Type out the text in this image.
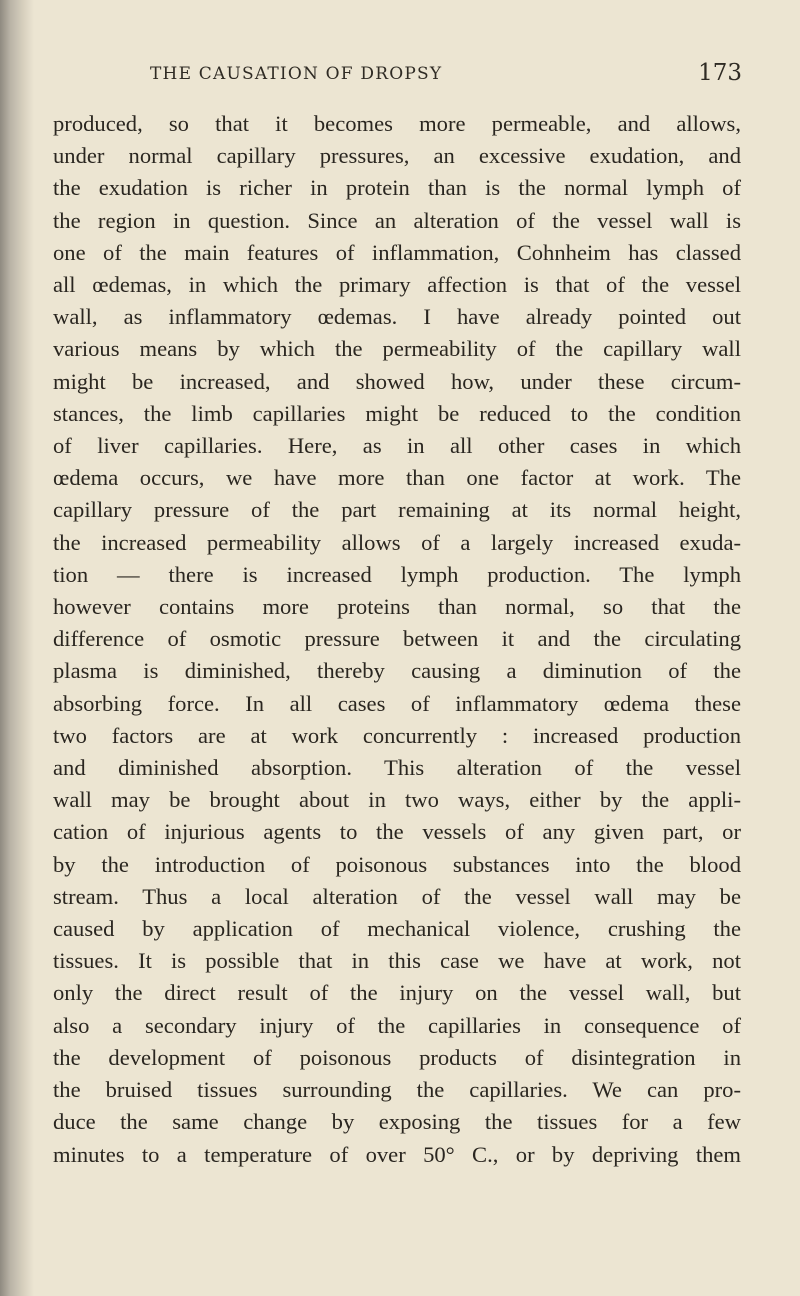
THE CAUSATION OF DROPSY	173
produced, so that it becomes more permeable, and allows,
under normal capillary pressures, an excessive exudation, and
the exudation is richer in protein than is the normal lymph of
the region in question. Since an alteration of the vessel wall is
one of the main features of inflammation, Cohnheim has classed
all œdemas, in which the primary affection is that of the vessel
wall, as inflammatory œdemas. I have already pointed out
various means by which the permeability of the capillary wall
might be increased, and showed how, under these circum-
stances, the limb capillaries might be reduced to the condition
of liver capillaries. Here, as in all other cases in which
œdema occurs, we have more than one factor at work. The
capillary pressure of the part remaining at its normal height,
the increased permeability allows of a largely increased exuda-
tion — there is increased lymph production. The lymph
however contains more proteins than normal, so that the
difference of osmotic pressure between it and the circulating
plasma is diminished, thereby causing a diminution of the
absorbing force. In all cases of inflammatory œdema these
two factors are at work concurrently : increased production
and diminished absorption. This alteration of the vessel
wall may be brought about in two ways, either by the appli-
cation of injurious agents to the vessels of any given part, or
by the introduction of poisonous substances into the blood
stream. Thus a local alteration of the vessel wall may be
caused by application of mechanical violence, crushing the
tissues. It is possible that in this case we have at work, not
only the direct result of the injury on the vessel wall, but
also a secondary injury of the capillaries in consequence of
the development of poisonous products of disintegration in
the bruised tissues surrounding the capillaries. We can pro-
duce the same change by exposing the tissues for a few
minutes to a temperature of over 50° C., or by depriving them
